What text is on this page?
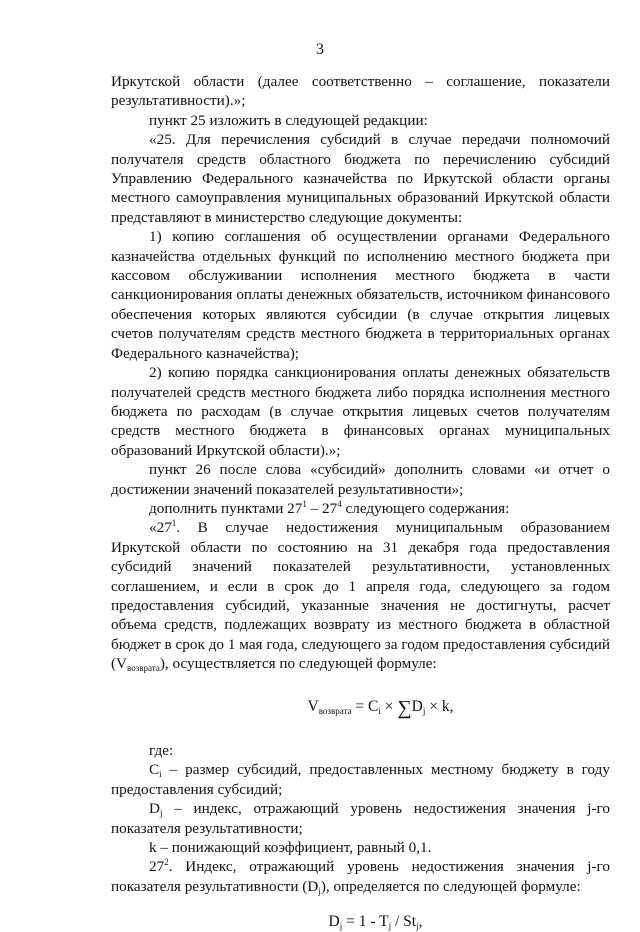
3

Иркутской области (далее соответственно – соглашение, показатели результативности).»;

пункт 25 изложить в следующей редакции:

«25. Для перечисления субсидий в случае передачи полномочий получателя средств областного бюджета по перечислению субсидий Управлению Федерального казначейства по Иркутской области органы местного самоуправления муниципальных образований Иркутской области представляют в министерство следующие документы:

1) копию соглашения об осуществлении органами Федерального казначейства отдельных функций по исполнению местного бюджета при кассовом обслуживании исполнения местного бюджета в части санкционирования оплаты денежных обязательств, источником финансового обеспечения которых являются субсидии (в случае открытия лицевых счетов получателям средств местного бюджета в территориальных органах Федерального казначейства);

2) копию порядка санкционирования оплаты денежных обязательств получателей средств местного бюджета либо порядка исполнения местного бюджета по расходам (в случае открытия лицевых счетов получателям средств местного бюджета в финансовых органах муниципальных образований Иркутской области).»;

пункт 26 после слова «субсидий» дополнить словами «и отчет о достижении значений показателей результативности»;

дополнить пунктами $27^1 - 27^4$ следующего содержания:

«$27^1$. В случае недостижения муниципальным образованием Иркутской области по состоянию на 31 декабря года предоставления субсидий значений показателей результативности, установленных соглашением, и если в срок до 1 апреля года, следующего за годом предоставления субсидий, указанные значения не достигнуты, расчет объема средств, подлежащих возврату из местного бюджета в областной бюджет в срок до 1 мая года, следующего за годом предоставления субсидий $(V_{возврата})$, осуществляется по следующей формуле:

$V_{возврата} = C_i \times \sum D_j \times k$,

где:

$C_i$ – размер субсидий, предоставленных местному бюджету в году предоставления субсидий;

$D_j$ – индекс, отражающий уровень недостижения значения j-го показателя результативности;

k – понижающий коэффициент, равный 0,1.

$27^2$. Индекс, отражающий уровень недостижения значения j-го показателя результативности $(D_j)$, определяется по следующей формуле:

$D_j = 1 - T_j / St_j$,
